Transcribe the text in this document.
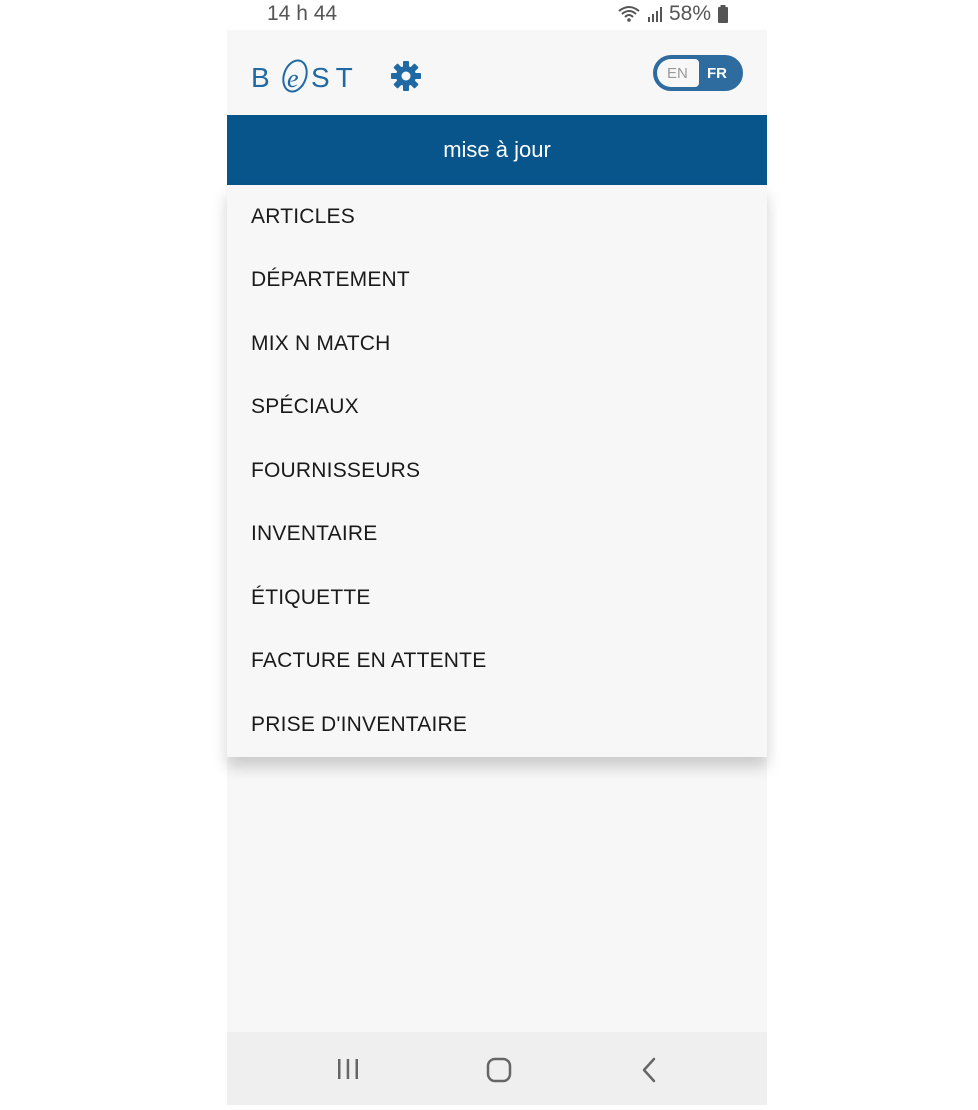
14 h 44	58%
B e ST	EN FR
mise à jour
ARTICLES
DÉPARTEMENT
MIX N MATCH
SPÉCIAUX
FOURNISSEURS
INVENTAIRE
ÉTIQUETTE
FACTURE EN ATTENTE
PRISE D'INVENTAIRE
